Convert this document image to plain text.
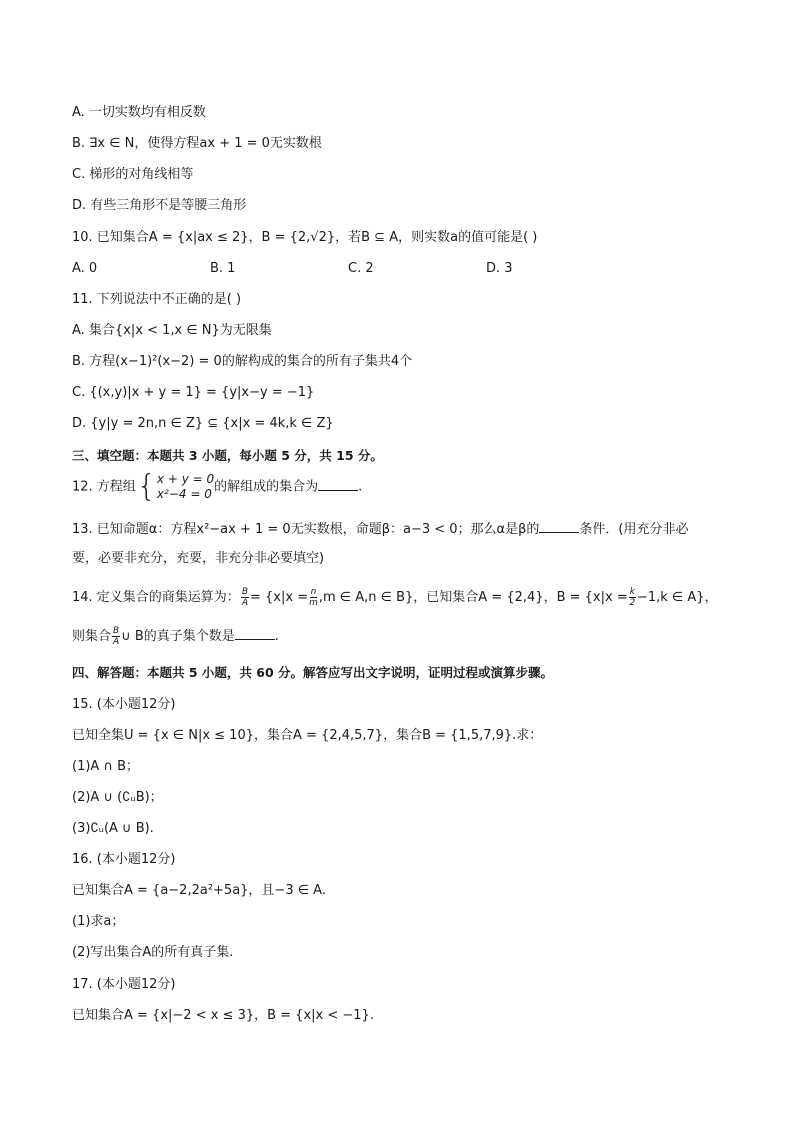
A. 一切实数均有相反数
B. ∃x ∈ N，使得方程ax + 1 = 0无实数根
C. 梯形的对角线相等
D. 有些三角形不是等腰三角形
10. 已知集合A = {x|ax ≤ 2}，B = {2,√2}，若B ⊆ A，则实数a的值可能是( )
A. 0	B. 1	C. 2	D. 3
11. 下列说法中不正确的是( )
A. 集合{x|x < 1,x ∈ N}为无限集
B. 方程(x−1)²(x−2) = 0的解构成的集合的所有子集共4个
C. {(x,y)|x + y = 1} = {y|x−y = −1}
D. {y|y = 2n,n ∈ Z} ⊆ {x|x = 4k,k ∈ Z}
三、填空题：本题共 3 小题，每小题 5 分，共 15 分。
12. 方程组 { x + y = 0
x²−4 = 0 的解组成的集合为	.
13. 已知命题α：方程x²−ax + 1 = 0无实数根，命题β：a−3 < 0；那么α是β的	条件．(用充分非必
要，必要非充分，充要，非充分非必要填空)
14. 定义集合的商集运算为： $\frac{B}{A} = \{x|x = \frac{n}{m} ,m$ ∈ A,n ∈ B}，已知集合A = {2,4}，$B = \{x|x = \frac{k}{2} -1,k$ ∈ A}，
则集合 $\frac{B}{A}$ ∪ B的真子集个数是	.
四、解答题：本题共 5 小题，共 60 分。解答应写出文字说明，证明过程或演算步骤。
15. (本小题12分)
已知全集U = {x ∈ N|x ≤ 10}，集合A = {2,4,5,7}，集合B = {1,5,7,9}.求：
(1)A ∩ B；
(2)A ∪ (∁ᵤB)；
(3)∁ᵤ(A ∪ B).
16. (本小题12分)
已知集合A = {a−2,2a²+5a}，且−3 ∈ A.
(1)求a；
(2)写出集合A的所有真子集.
17. (本小题12分)
已知集合A = {x|−2 < x ≤ 3}，B = {x|x < −1}.
